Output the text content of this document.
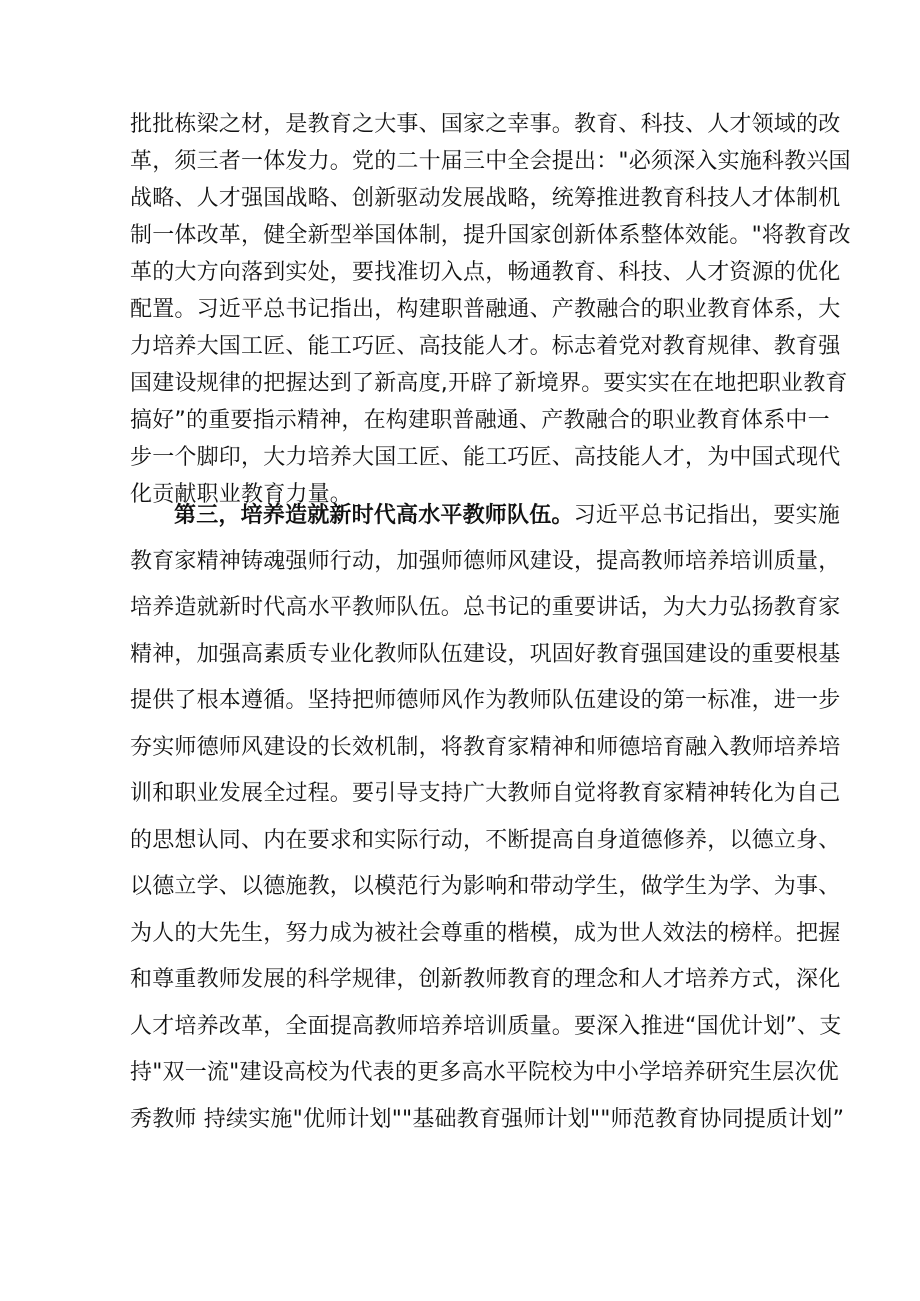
批批栋梁之材，是教育之大事、国家之幸事。教育、科技、人才领域的改
革，须三者一体发力。党的二十届三中全会提出："必须深入实施科教兴国
战略、人才强国战略、创新驱动发展战略，统筹推进教育科技人才体制机
制一体改革，健全新型举国体制，提升国家创新体系整体效能。"将教育改
革的大方向落到实处，要找准切入点，畅通教育、科技、人才资源的优化
配置。习近平总书记指出，构建职普融通、产教融合的职业教育体系，大
力培养大国工匠、能工巧匠、高技能人才。标志着党对教育规律、教育强
国建设规律的把握达到了新高度,开辟了新境界。要实实在在地把职业教育
搞好”的重要指示精神，在构建职普融通、产教融合的职业教育体系中一
步一个脚印，大力培养大国工匠、能工巧匠、高技能人才，为中国式现代
化贡献职业教育力量。
第三，培养造就新时代高水平教师队伍。习近平总书记指出，要实施
教育家精神铸魂强师行动，加强师德师风建设，提高教师培养培训质量，
培养造就新时代高水平教师队伍。总书记的重要讲话，为大力弘扬教育家
精神，加强高素质专业化教师队伍建设，巩固好教育强国建设的重要根基
提供了根本遵循。坚持把师德师风作为教师队伍建设的第一标准，进一步
夯实师德师风建设的长效机制，将教育家精神和师德培育融入教师培养培
训和职业发展全过程。要引导支持广大教师自觉将教育家精神转化为自己
的思想认同、内在要求和实际行动，不断提高自身道德修养，以德立身、
以德立学、以德施教，以模范行为影响和带动学生，做学生为学、为事、
为人的大先生，努力成为被社会尊重的楷模，成为世人效法的榜样。把握
和尊重教师发展的科学规律，创新教师教育的理念和人才培养方式，深化
人才培养改革，全面提高教师培养培训质量。要深入推进“国优计划”、支
持"双一流"建设高校为代表的更多高水平院校为中小学培养研究生层次优
秀教师 持续实施"优师计划""基础教育强师计划""师范教育协同提质计划”
